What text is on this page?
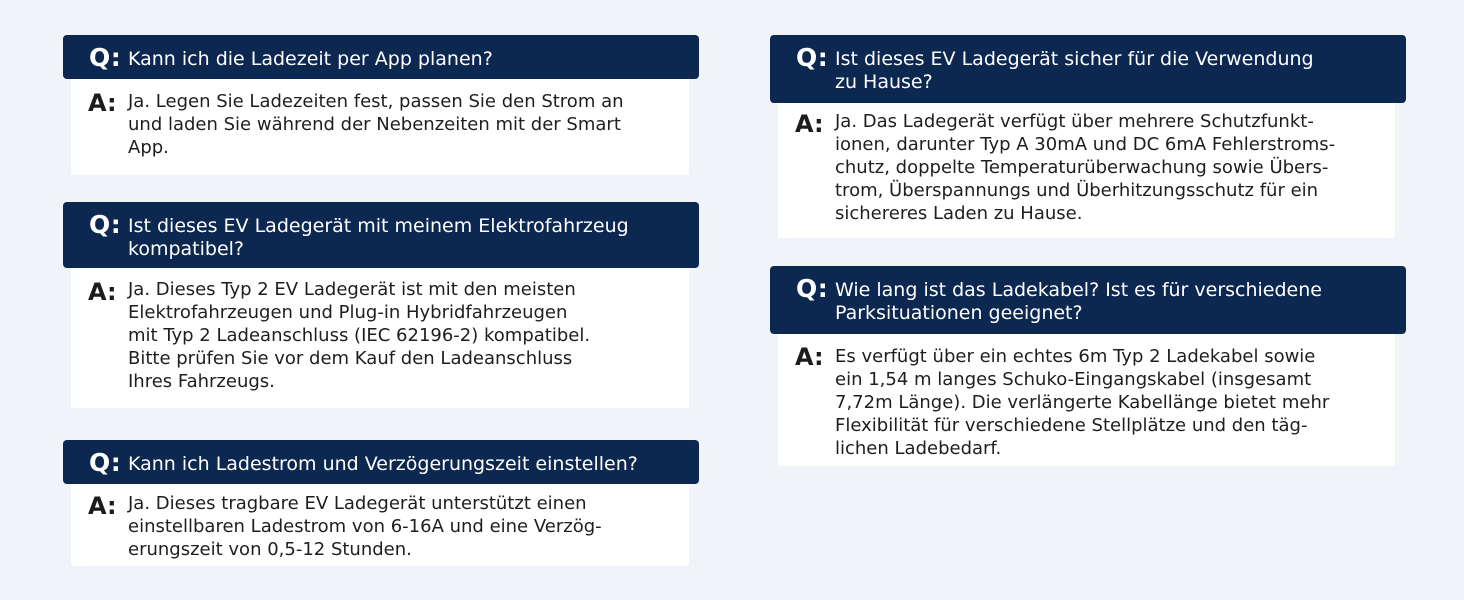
A: Ja. Legen Sie Ladezeiten fest, passen Sie den Strom an
und laden Sie während der Nebenzeiten mit der Smart
App.
Q: Kann ich die Ladezeit per App planen?
A: Ja. Dieses Typ 2 EV Ladegerät ist mit den meisten
Elektrofahrzeugen und Plug-in Hybridfahrzeugen
mit Typ 2 Ladeanschluss (IEC 62196-2) kompatibel.
Bitte prüfen Sie vor dem Kauf den Ladeanschluss
Ihres Fahrzeugs.
Q: Ist dieses EV Ladegerät mit meinem Elektrofahrzeug
kompatibel?
A: Ja. Dieses tragbare EV Ladegerät unterstützt einen
einstellbaren Ladestrom von 6-16A und eine Verzög-
erungszeit von 0,5-12 Stunden.
Q: Kann ich Ladestrom und Verzögerungszeit einstellen?
A: Ja. Das Ladegerät verfügt über mehrere Schutzfunkt-
ionen, darunter Typ A 30mA und DC 6mA Fehlerstroms-
chutz, doppelte Temperaturüberwachung sowie Übers-
trom, Überspannungs und Überhitzungsschutz für ein
sichereres Laden zu Hause.
Q: Ist dieses EV Ladegerät sicher für die Verwendung
zu Hause?
A: Es verfügt über ein echtes 6m Typ 2 Ladekabel sowie
ein 1,54 m langes Schuko-Eingangskabel (insgesamt
7,72m Länge). Die verlängerte Kabellänge bietet mehr
Flexibilität für verschiedene Stellplätze und den täg-
lichen Ladebedarf.
Q: Wie lang ist das Ladekabel? Ist es für verschiedene
Parksituationen geeignet?
